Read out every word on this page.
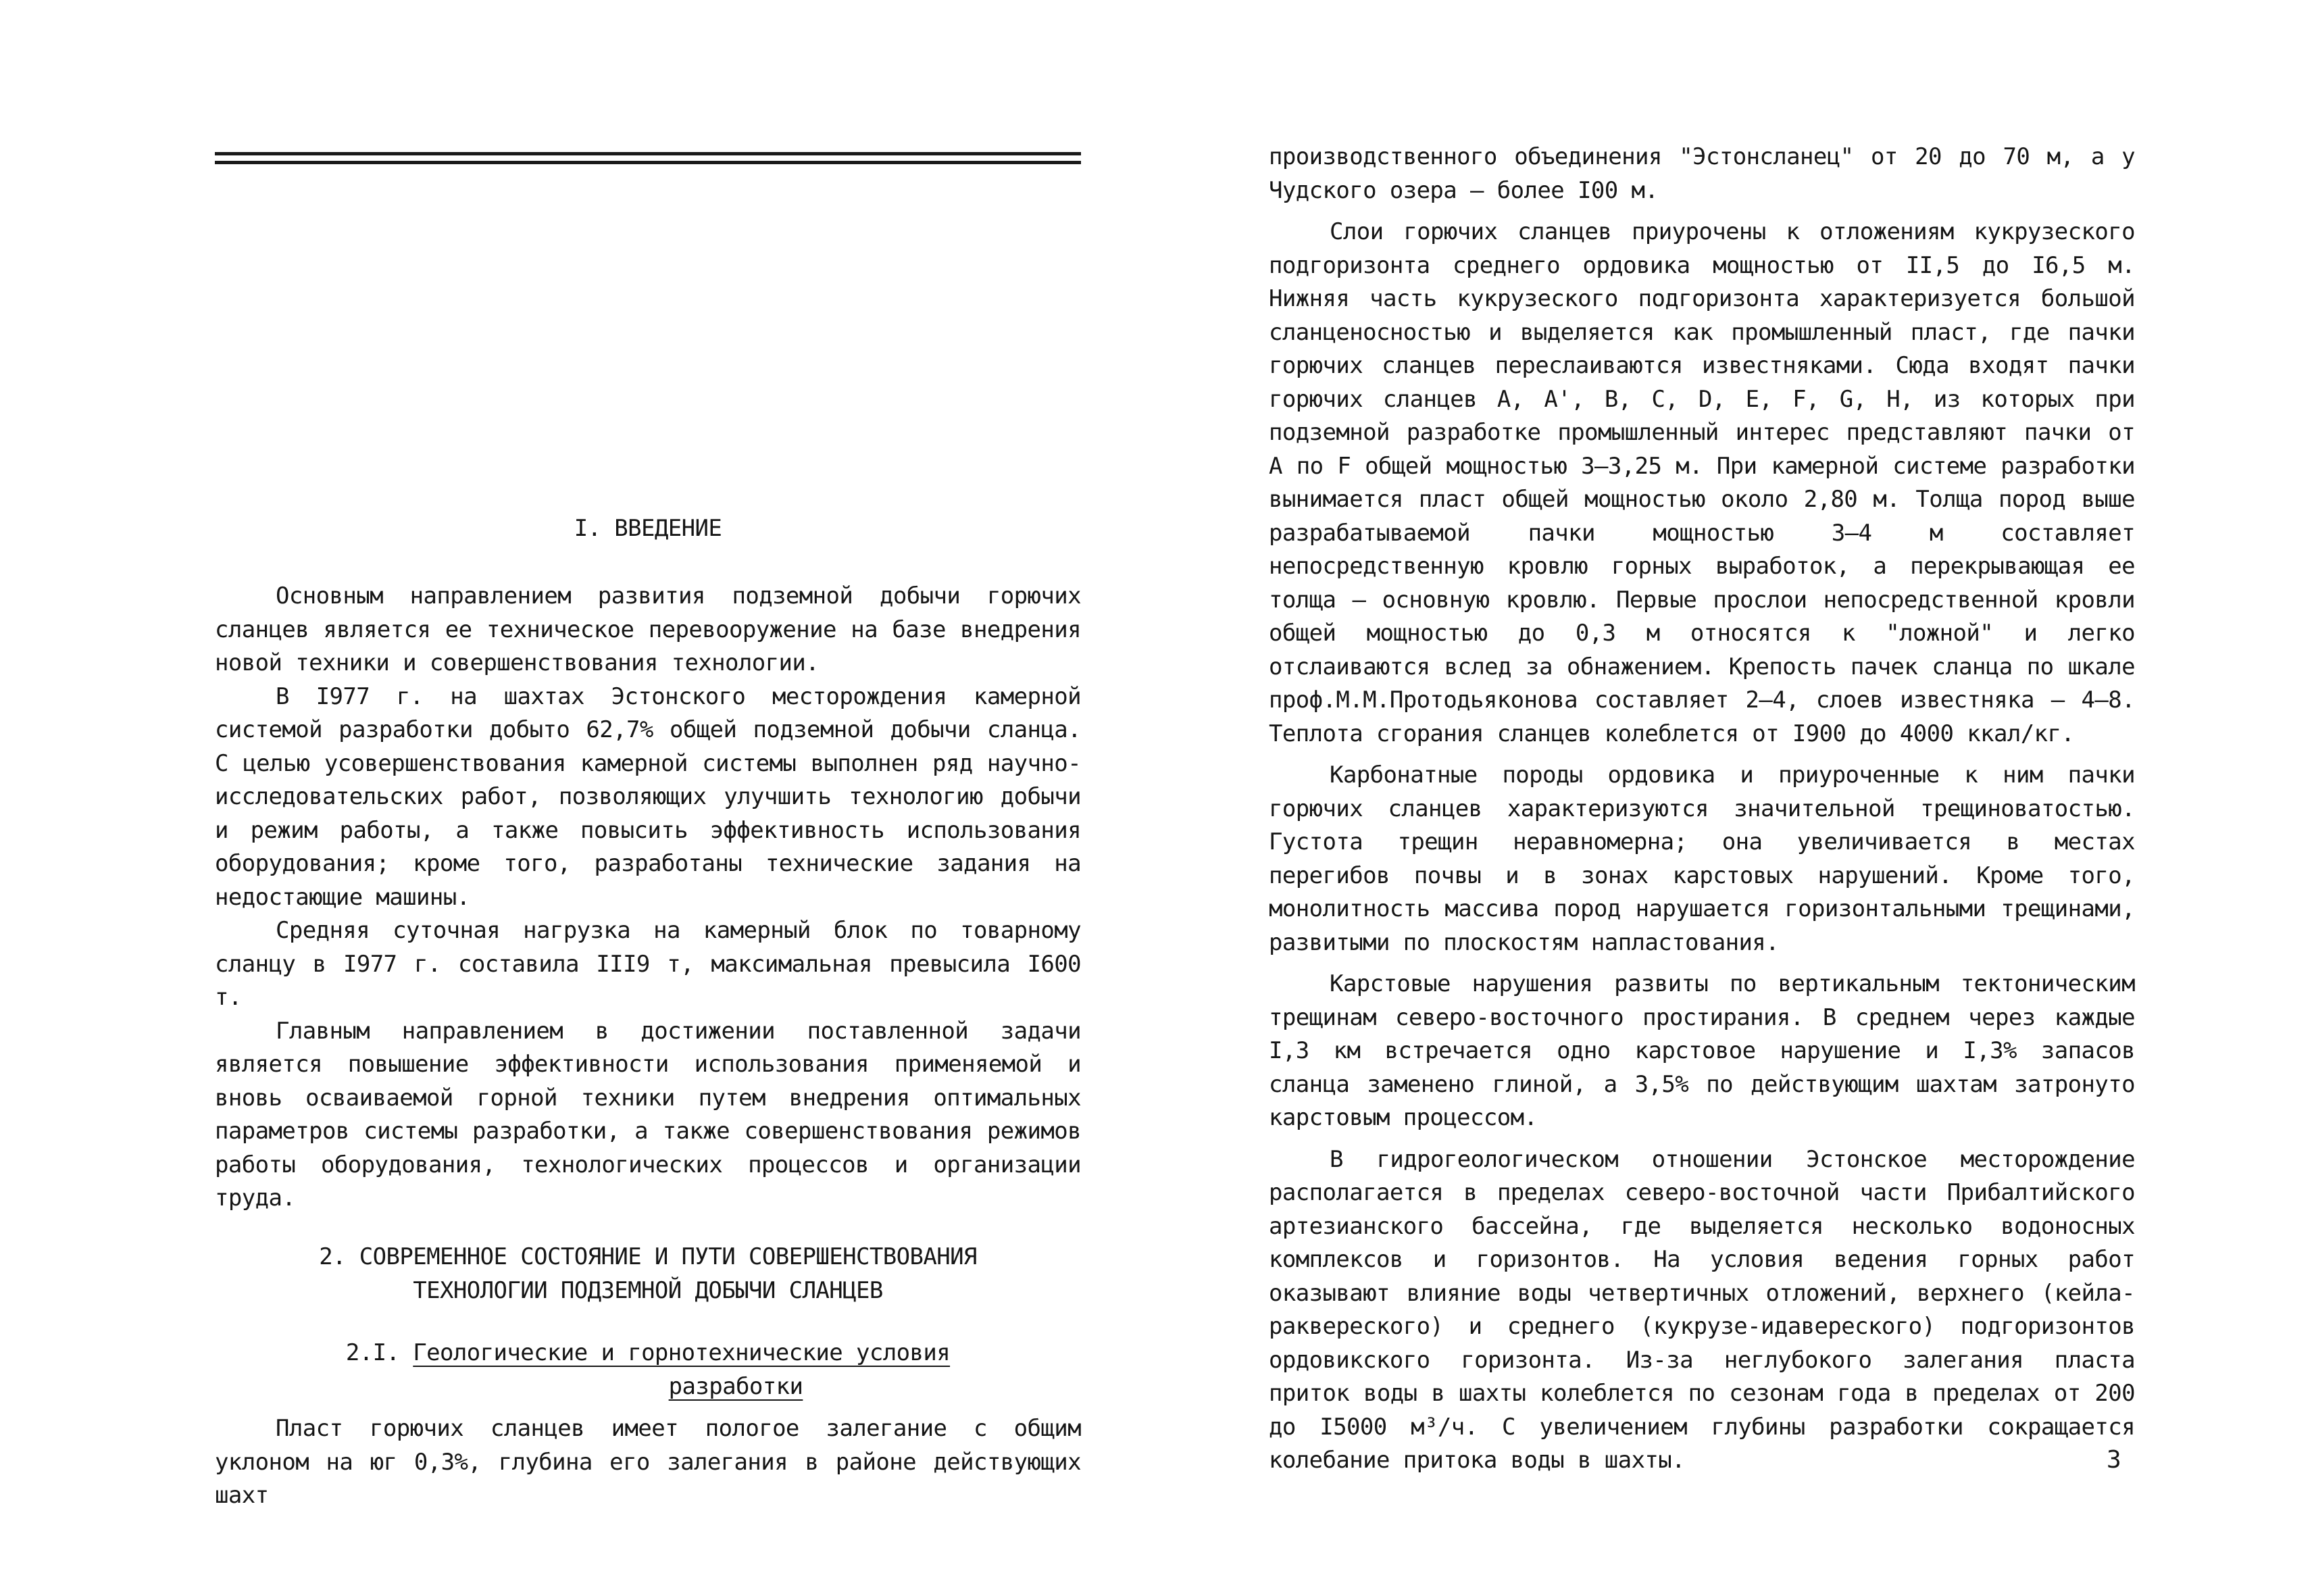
I. ВВЕДЕНИЕ

Основным направлением развития подземной добычи горючих сланцев является ее техническое перевооружение на базе внедрения новой техники и совершенствования технологии.

В I977 г. на шахтах Эстонского месторождения камерной системой разработки добыто 62,7% общей подземной добычи сланца. С целью усовершенствования камерной системы выполнен ряд научно-исследовательских работ, позволяющих улучшить технологию добычи и режим работы, а также повысить эффективность использования оборудования; кроме того, разработаны технические задания на недостающие машины.

Средняя суточная нагрузка на камерный блок по товарному сланцу в I977 г. составила IIІ9 т, максимальная превысила I600 т.

Главным направлением в достижении поставленной задачи является повышение эффективности использования применяемой и вновь осваиваемой горной техники путем внедрения оптимальных параметров системы разработки, а также совершенствования режимов работы оборудования, технологических процессов и организации труда.

2. СОВРЕМЕННОЕ СОСТОЯНИЕ И ПУТИ СОВЕРШЕНСТВОВАНИЯ
ТЕХНОЛОГИИ ПОДЗЕМНОЙ ДОБЫЧИ СЛАНЦЕВ
2.I. Геологические и горнотехнические условия
разработки

Пласт горючих сланцев имеет пологое залегание с общим уклоном на юг 0,3%, глубина его залегания в районе действующих шахт

производственного объединения "Эстонсланец" от 20 до 70 м, а у Чудского озера – более I00 м.

Слои горючих сланцев приурочены к отложениям кукрузеского подгоризонта среднего ордовика мощностью от II,5 до I6,5 м. Нижняя часть кукрузеского подгоризонта характеризуется большой сланценосностью и выделяется как промышленный пласт, где пачки горючих сланцев переслаиваются известняками. Сюда входят пачки горючих сланцев A, A', B, C, D, E, F, G, H, из которых при подземной разработке промышленный интерес представляют пачки от A по F общей мощностью 3–3,25 м. При камерной системе разработки вынимается пласт общей мощностью около 2,80 м. Толща пород выше разрабатываемой пачки мощностью 3–4 м составляет непосредственную кровлю горных выработок, а перекрывающая ее толща – основную кровлю. Первые прослои непосредственной кровли общей мощностью до 0,3 м относятся к "ложной" и легко отслаиваются вслед за обнажением. Крепость пачек сланца по шкале проф.М.М.Протодьяконова составляет 2–4, слоев известняка – 4–8. Теплота сгорания сланцев колеблется от I900 до 4000 ккал/кг.

Карбонатные породы ордовика и приуроченные к ним пачки горючих сланцев характеризуются значительной трещиноватостью. Густота трещин неравномерна; она увеличивается в местах перегибов почвы и в зонах карстовых нарушений. Кроме того, монолитность массива пород нарушается горизонтальными трещинами, развитыми по плоскостям напластования.

Карстовые нарушения развиты по вертикальным тектоническим трещинам северо-восточного простирания. В среднем через каждые I,3 км встречается одно карстовое нарушение и I,3% запасов сланца заменено глиной, а 3,5% по действующим шахтам затронуто карстовым процессом.

В гидрогеологическом отношении Эстонское месторождение располагается в пределах северо-восточной части Прибалтийского артезианского бассейна, где выделяется несколько водоносных комплексов и горизонтов. На условия ведения горных работ оказывают влияние воды четвертичных отложений, верхнего (кейла-раквереского) и среднего (кукрузе-идавереского) подгоризонтов ордовикского горизонта. Из-за неглубокого залегания пласта приток воды в шахты колеблется по сезонам года в пределах от 200 до I5000 м³/ч. С увеличением глубины разработки сокращается колебание притока воды в шахты.	3
